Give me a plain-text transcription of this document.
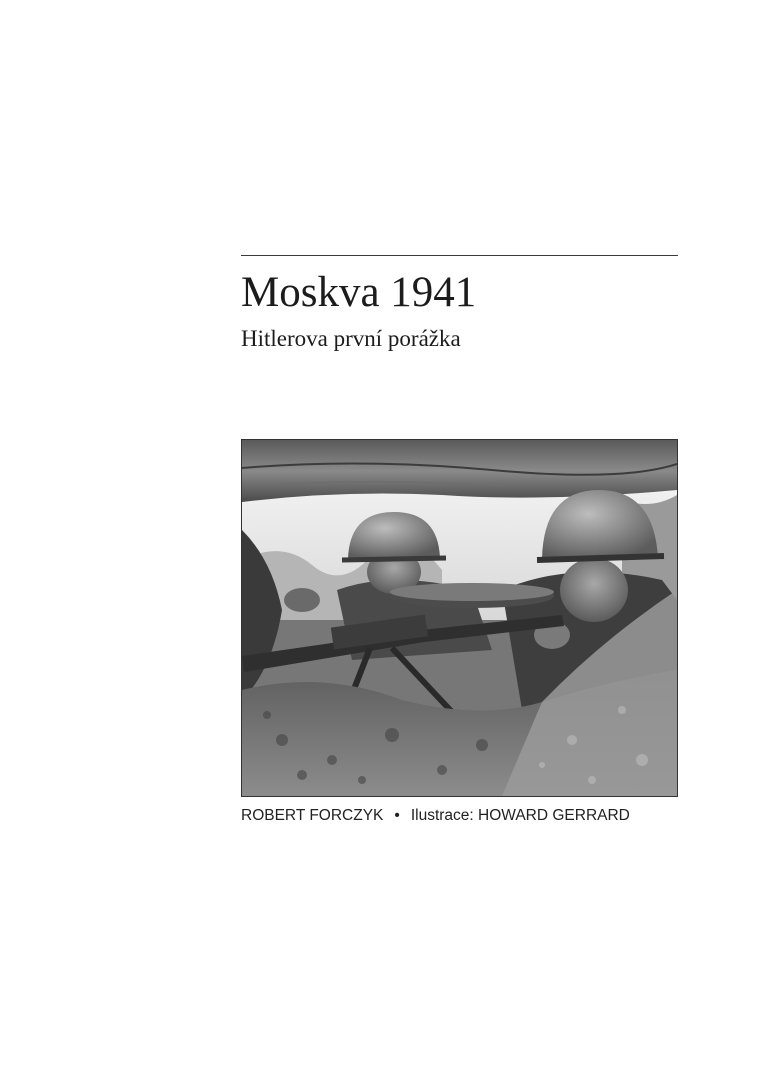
Moskva 1941
Hitlerova první porážka
ROBERT FORCZYK • Ilustrace: HOWARD GERRARD
